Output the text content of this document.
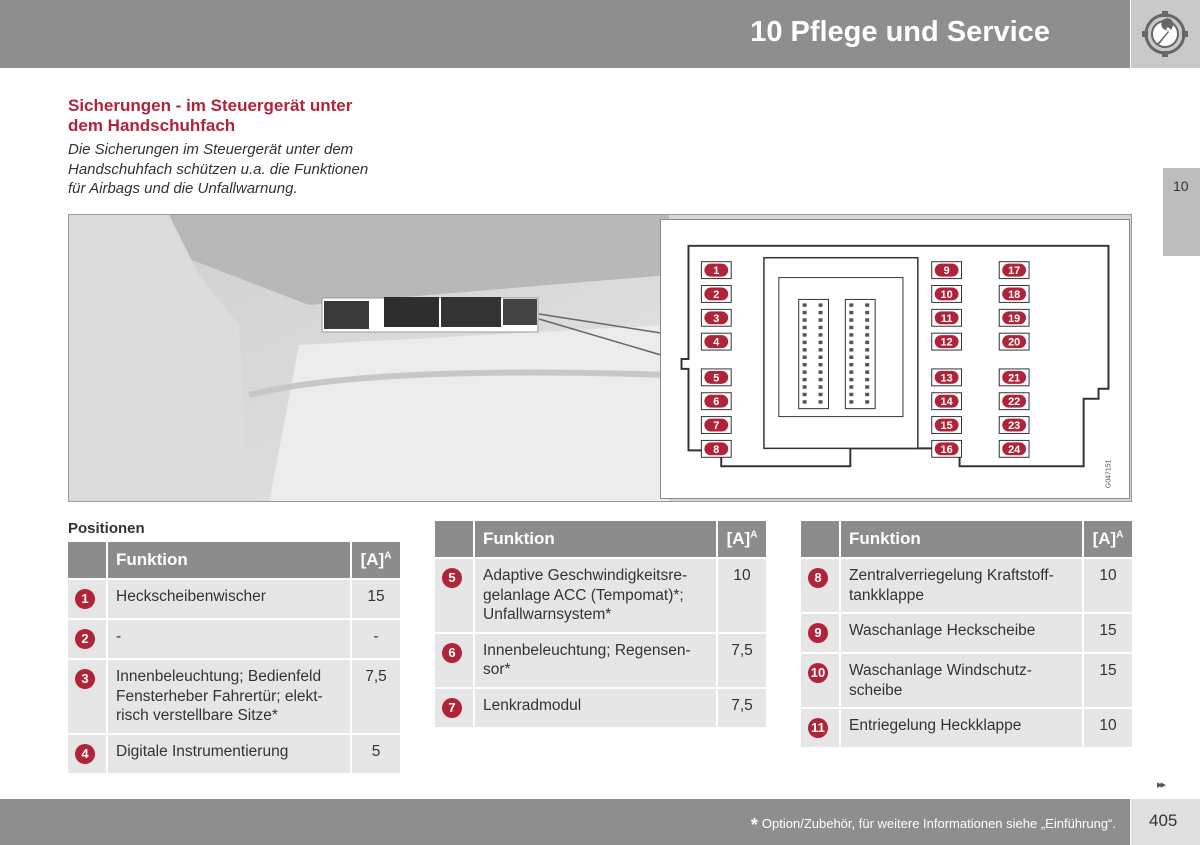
10 Pflege und Service
10
Sicherungen - im Steuergerät unter
dem Handschuhfach
Die Sicherungen im Steuergerät unter dem
Handschuhfach schützen u.a. die Funktionen
für Airbags und die Unfallwarnung.
1
2
3
4
5
6
7
8
9
10
11
12
13
14
15
16
17
18
19
20
21
22
23
24
G047151
Positionen
	Funktion	$[A]^A$
1	Heckscheibenwischer	15
2	-	-
3	Innenbeleuchtung; Bedienfeld
Fensterheber Fahrertür; elekt-
risch verstellbare Sitze*	7,5
4	Digitale Instrumentierung	5
	Funktion	$[A]^A$
5	Adaptive Geschwindigkeitsre-
gelanlage ACC (Tempomat)*;
Unfallwarnsystem*	10
6	Innenbeleuchtung; Regensen-
sor*	7,5
7	Lenkradmodul	7,5
	Funktion	$[A]^A$
8	Zentralverriegelung Kraftstoff-
tankklappe	10
9	Waschanlage Heckscheibe	15
10	Waschanlage Windschutz-
scheibe	15
11	Entriegelung Heckklappe	10
▸▸
* Option/Zubehör, für weitere Informationen siehe „Einführung“. 405
